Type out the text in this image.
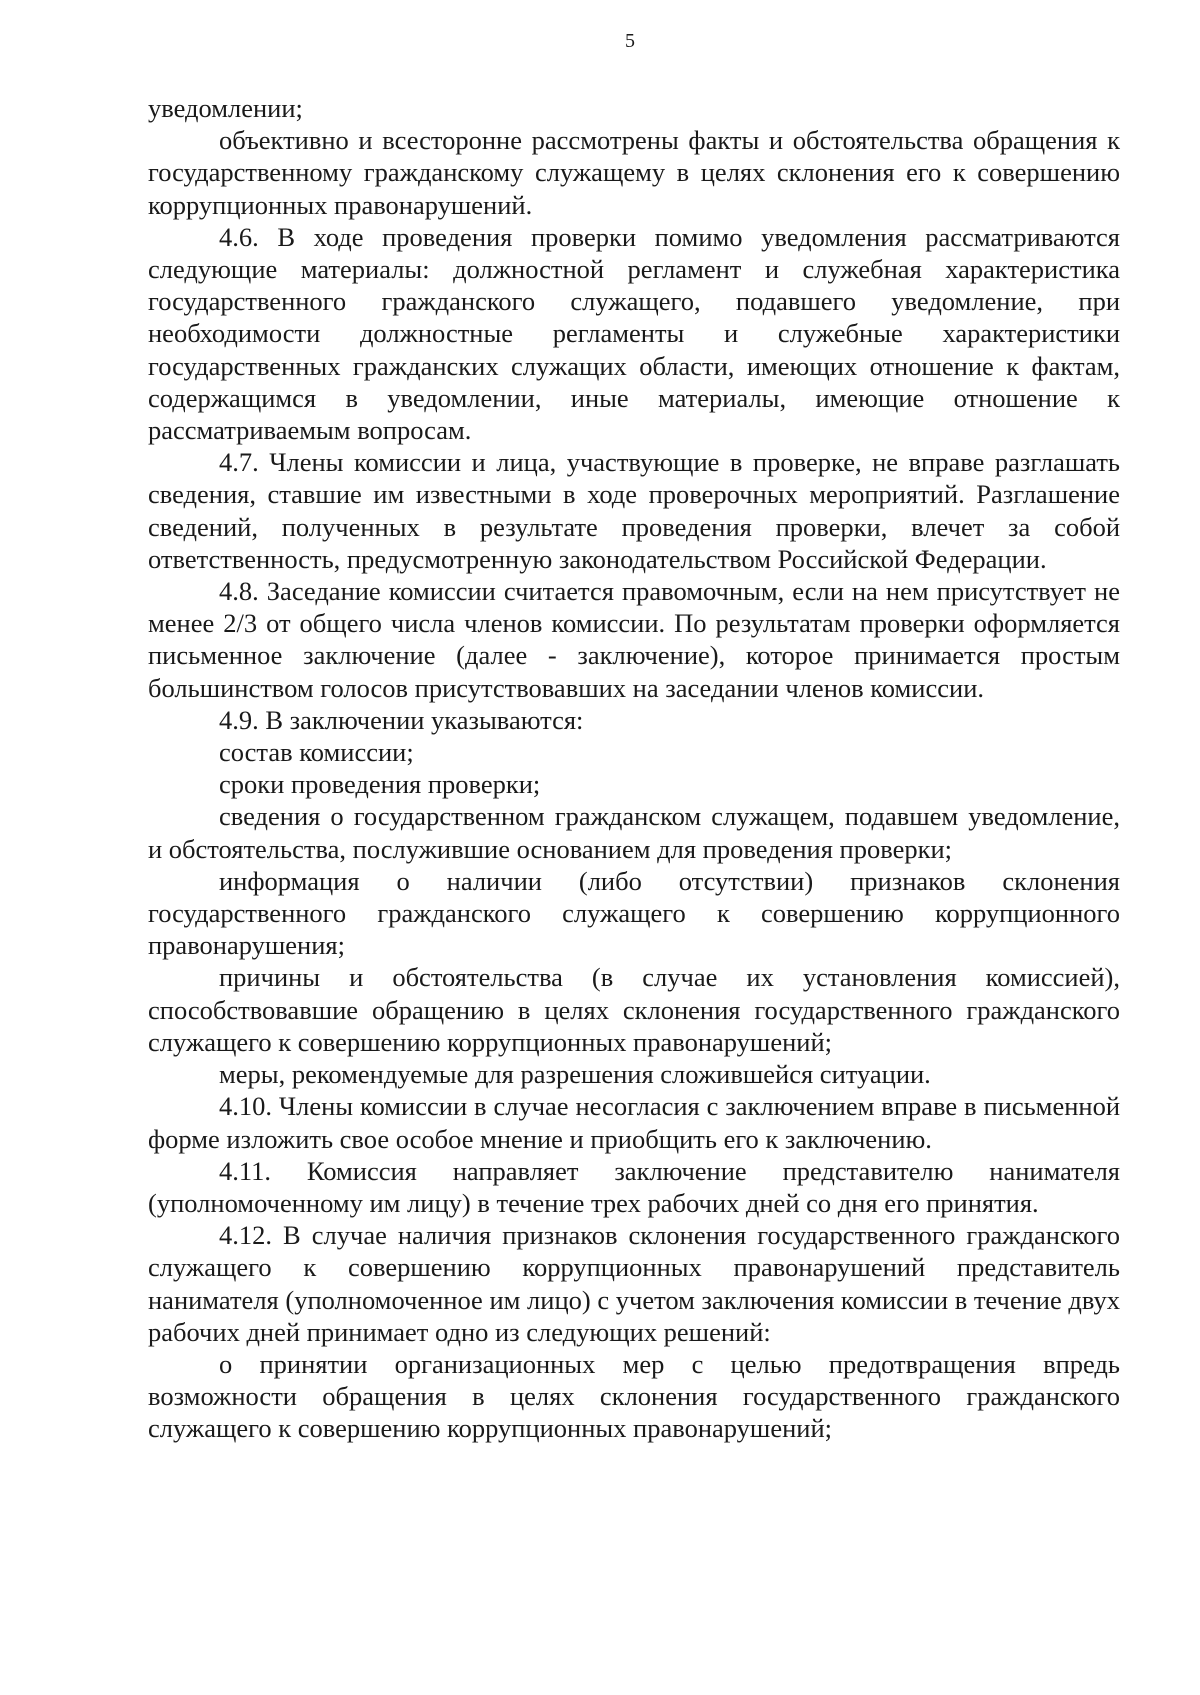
5

уведомлении;

объективно и всесторонне рассмотрены факты и обстоятельства обращения к государственному гражданскому служащему в целях склонения его к совершению коррупционных правонарушений.

4.6. В ходе проведения проверки помимо уведомления рассматриваются следующие материалы: должностной регламент и служебная характеристика государственного гражданского служащего, подавшего уведомление, при необходимости должностные регламенты и служебные характеристики государственных гражданских служащих области, имеющих отношение к фактам, содержащимся в уведомлении, иные материалы, имеющие отношение к рассматриваемым вопросам.

4.7. Члены комиссии и лица, участвующие в проверке, не вправе разглашать сведения, ставшие им известными в ходе проверочных мероприятий. Разглашение сведений, полученных в результате проведения проверки, влечет за собой ответственность, предусмотренную законодательством Российской Федерации.

4.8. Заседание комиссии считается правомочным, если на нем присутствует не менее 2/3 от общего числа членов комиссии. По результатам проверки оформляется письменное заключение (далее - заключение), которое принимается простым большинством голосов присутствовавших на заседании членов комиссии.

4.9. В заключении указываются:

состав комиссии;

сроки проведения проверки;

сведения о государственном гражданском служащем, подавшем уведомление, и обстоятельства, послужившие основанием для проведения проверки;

информация о наличии (либо отсутствии) признаков склонения государственного гражданского служащего к совершению коррупционного правонарушения;

причины и обстоятельства (в случае их установления комиссией), способствовавшие обращению в целях склонения государственного гражданского служащего к совершению коррупционных правонарушений;

меры, рекомендуемые для разрешения сложившейся ситуации.

4.10. Члены комиссии в случае несогласия с заключением вправе в письменной форме изложить свое особое мнение и приобщить его к заключению.

4.11. Комиссия направляет заключение представителю нанимателя (уполномоченному им лицу) в течение трех рабочих дней со дня его принятия.

4.12. В случае наличия признаков склонения государственного гражданского служащего к совершению коррупционных правонарушений представитель нанимателя (уполномоченное им лицо) с учетом заключения комиссии в течение двух рабочих дней принимает одно из следующих решений:

о принятии организационных мер с целью предотвращения впредь возможности обращения в целях склонения государственного гражданского служащего к совершению коррупционных правонарушений;
